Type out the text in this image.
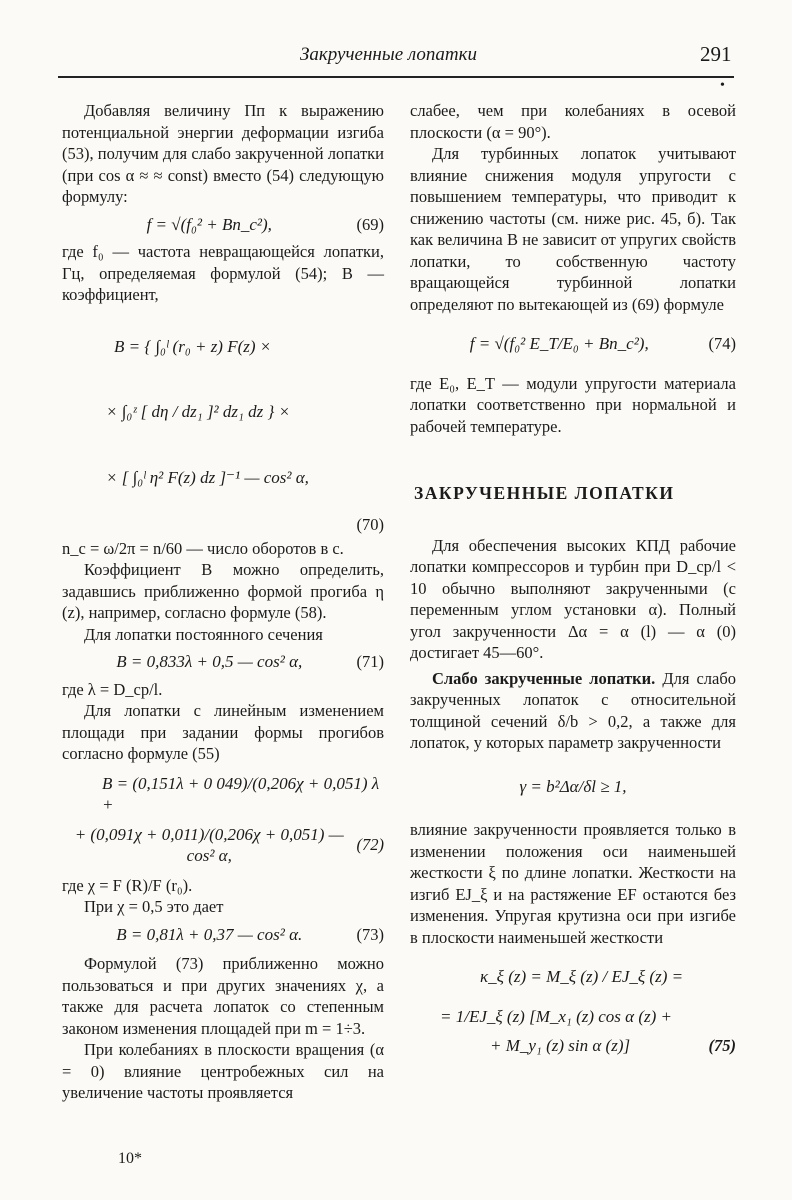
Закрученные лопатки	291
•

Добавляя величину Пп к выражению потенциальной энергии деформации изгиба (53), получим для слабо закрученной лопатки (при cos α ≈ ≈ const) вместо (54) следующую формулу:

f = √(f₀² + Bn_c²),	(69)

где f₀ — частота невращающейся лопатки, Гц, определяемая формулой (54); B — коэффициент,

B = { ∫₀ˡ (r₀ + z) F(z) ×
× ∫₀ᶻ [ dη / dz₁ ]² dz₁ dz } ×
× [ ∫₀ˡ η² F(z) dz ]⁻¹ — cos² α,
(70)

n_c = ω/2π = n/60 — число оборотов в с.

Коэффициент B можно определить, задавшись приближенно формой прогиба η (z), например, согласно формуле (58).

Для лопатки постоянного сечения

B = 0,833λ + 0,5 — cos² α,	(71)

где λ = D_ср/l.

Для лопатки с линейным изменением площади при задании формы прогибов согласно формуле (55)

B = (0,151λ + 0 049)/(0,206χ + 0,051) λ +
+ (0,091χ + 0,011)/(0,206χ + 0,051) — cos² α,
(72)

где χ = F (R)/F (r₀).

При χ = 0,5 это дает

B = 0,81λ + 0,37 — cos² α.	(73)

Формулой (73) приближенно можно пользоваться и при других значениях χ, а также для расчета лопаток со степенным законом изменения площадей при m = 1÷3.

При колебаниях в плоскости вращения (α = 0) влияние центробежных сил на увеличение частоты проявляется

слабее, чем при колебаниях в осевой плоскости (α = 90°).

Для турбинных лопаток учитывают влияние снижения модуля упругости с повышением температуры, что приводит к снижению частоты (см. ниже рис. 45, б). Так как величина B не зависит от упругих свойств лопатки, то собственную частоту вращающейся турбинной лопатки определяют по вытекающей из (69) формуле

f = √(f₀² E_T/E₀ + Bn_c²),	(74)

где E₀, E_T — модули упругости материала лопатки соответственно при нормальной и рабочей температуре.

ЗАКРУЧЕННЫЕ ЛОПАТКИ

Для обеспечения высоких КПД рабочие лопатки компрессоров и турбин при D_ср/l < 10 обычно выполняют закрученными (с переменным углом установки α). Полный угол закрученности Δα = α (l) — α (0) достигает 45—60°.

Слабо закрученные лопатки. Для слабо закрученных лопаток с относительной толщиной сечений δ/b > 0,2, а также для лопаток, у которых параметр закрученности

γ = b²Δα/δl ≥ 1,

влияние закрученности проявляется только в изменении положения оси наименьшей жесткости ξ по длине лопатки. Жесткости на изгиб EJ_ξ и на растяжение EF остаются без изменения. Упругая крутизна оси при изгибе в плоскости наименьшей жесткости

κ_ξ (z) = M_ξ (z) / EJ_ξ (z) =
= 1/EJ_ξ (z) [M_x₁ (z) cos α (z) +
+ M_y₁ (z) sin α (z)]	(75)
10*
